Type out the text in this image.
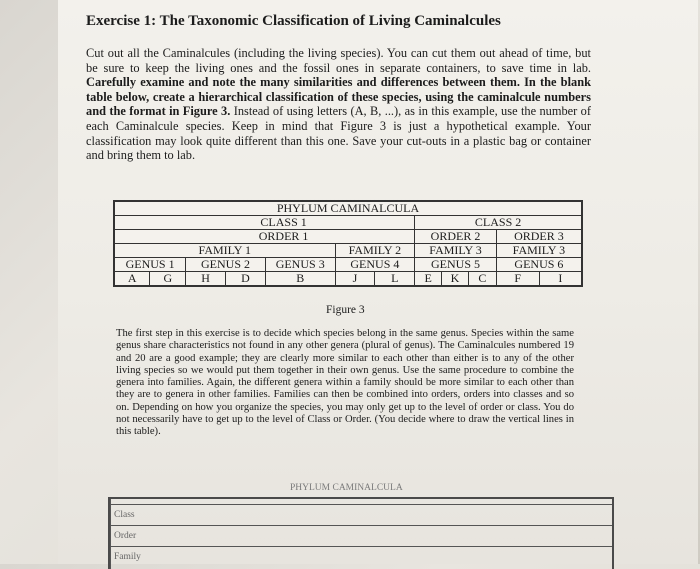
Exercise 1: The Taxonomic Classification of Living Caminalcules
Cut out all the Caminalcules (including the living species). You can cut them out ahead of time, but be sure to keep the living ones and the fossil ones in separate containers, to save time in lab. Carefully examine and note the many similarities and differences between them. In the blank table below, create a hierarchical classification of these species, using the caminalcule numbers and the format in Figure 3. Instead of using letters (A, B, ...), as in this example, use the number of each Caminalcule species. Keep in mind that Figure 3 is just a hypothetical example. Your classification may look quite different than this one. Save your cut-outs in a plastic bag or container and bring them to lab.
PHYLUM CAMINALCULA											
CLASS 1							CLASS 2				
ORDER 1							ORDER 2			ORDER 3	
FAMILY 1					FAMILY 2		FAMILY 3			FAMILY 3	
GENUS 1		GENUS 2		GENUS 3	GENUS 4		GENUS 5			GENUS 6	
A	G	H	D	B	J	L	E	K	C	F	I
Figure 3
The first step in this exercise is to decide which species belong in the same genus. Species within the same genus share characteristics not found in any other genera (plural of genus). The Caminalcules numbered 19 and 20 are a good example; they are clearly more similar to each other than either is to any of the other living species so we would put them together in their own genus. Use the same procedure to combine the genera into families. Again, the different genera within a family should be more similar to each other than they are to genera in other families. Families can then be combined into orders, orders into classes and so on. Depending on how you organize the species, you may only get up to the level of order or class. You do not necessarily have to get up to the level of Class or Order. (You decide where to draw the vertical lines in this table).
PHYLUM CAMINALCULA
Class
Order
Family
